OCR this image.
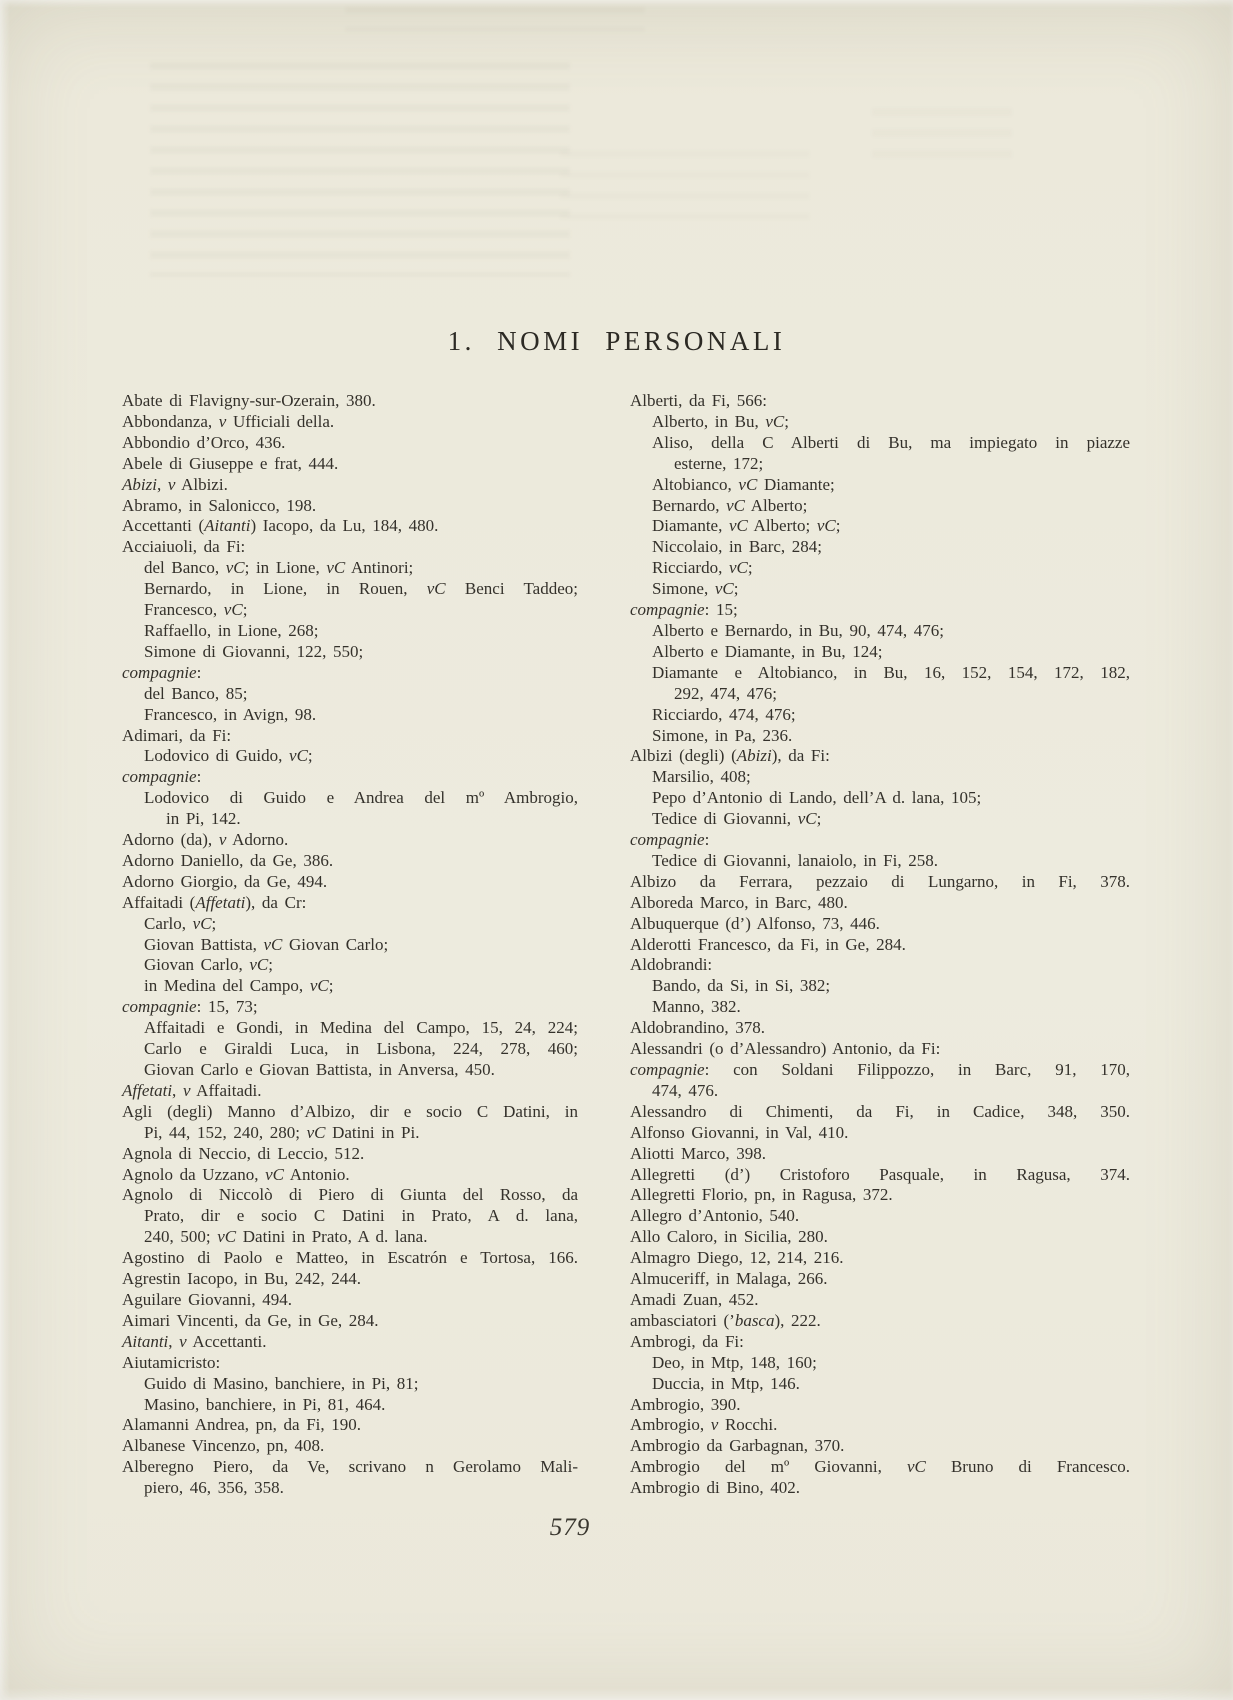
1. NOMI PERSONALI
Abate di Flavigny-sur-Ozerain, 380.
Abbondanza, v Ufficiali della.
Abbondio d’Orco, 436.
Abele di Giuseppe e frat, 444.
Abizi, v Albizi.
Abramo, in Salonicco, 198.
Accettanti (Aitanti) Iacopo, da Lu, 184, 480.
Acciaiuoli, da Fi:
del Banco, vC; in Lione, vC Antinori;
Bernardo, in Lione, in Rouen, vC Benci Taddeo;
Francesco, vC;
Raffaello, in Lione, 268;
Simone di Giovanni, 122, 550;
compagnie:
del Banco, 85;
Francesco, in Avign, 98.
Adimari, da Fi:
Lodovico di Guido, vC;
compagnie:
Lodovico di Guido e Andrea del mº Ambrogio,
in Pi, 142.
Adorno (da), v Adorno.
Adorno Daniello, da Ge, 386.
Adorno Giorgio, da Ge, 494.
Affaitadi (Affetati), da Cr:
Carlo, vC;
Giovan Battista, vC Giovan Carlo;
Giovan Carlo, vC;
in Medina del Campo, vC;
compagnie: 15, 73;
Affaitadi e Gondi, in Medina del Campo, 15, 24, 224;
Carlo e Giraldi Luca, in Lisbona, 224, 278, 460;
Giovan Carlo e Giovan Battista, in Anversa, 450.
Affetati, v Affaitadi.
Agli (degli) Manno d’Albizo, dir e socio C Datini, in
Pi, 44, 152, 240, 280; vC Datini in Pi.
Agnola di Neccio, di Leccio, 512.
Agnolo da Uzzano, vC Antonio.
Agnolo di Niccolò di Piero di Giunta del Rosso, da
Prato, dir e socio C Datini in Prato, A d. lana,
240, 500; vC Datini in Prato, A d. lana.
Agostino di Paolo e Matteo, in Escatrón e Tortosa, 166.
Agrestin Iacopo, in Bu, 242, 244.
Aguilare Giovanni, 494.
Aimari Vincenti, da Ge, in Ge, 284.
Aitanti, v Accettanti.
Aiutamicristo:
Guido di Masino, banchiere, in Pi, 81;
Masino, banchiere, in Pi, 81, 464.
Alamanni Andrea, pn, da Fi, 190.
Albanese Vincenzo, pn, 408.
Alberegno Piero, da Ve, scrivano n Gerolamo Mali-
piero, 46, 356, 358.
Alberti, da Fi, 566:
Alberto, in Bu, vC;
Aliso, della C Alberti di Bu, ma impiegato in piazze
esterne, 172;
Altobianco, vC Diamante;
Bernardo, vC Alberto;
Diamante, vC Alberto; vC;
Niccolaio, in Barc, 284;
Ricciardo, vC;
Simone, vC;
compagnie: 15;
Alberto e Bernardo, in Bu, 90, 474, 476;
Alberto e Diamante, in Bu, 124;
Diamante e Altobianco, in Bu, 16, 152, 154, 172, 182,
292, 474, 476;
Ricciardo, 474, 476;
Simone, in Pa, 236.
Albizi (degli) (Abizi), da Fi:
Marsilio, 408;
Pepo d’Antonio di Lando, dell’A d. lana, 105;
Tedice di Giovanni, vC;
compagnie:
Tedice di Giovanni, lanaiolo, in Fi, 258.
Albizo da Ferrara, pezzaio di Lungarno, in Fi, 378.
Alboreda Marco, in Barc, 480.
Albuquerque (d’) Alfonso, 73, 446.
Alderotti Francesco, da Fi, in Ge, 284.
Aldobrandi:
Bando, da Si, in Si, 382;
Manno, 382.
Aldobrandino, 378.
Alessandri (o d’Alessandro) Antonio, da Fi:
compagnie: con Soldani Filippozzo, in Barc, 91, 170,
474, 476.
Alessandro di Chimenti, da Fi, in Cadice, 348, 350.
Alfonso Giovanni, in Val, 410.
Aliotti Marco, 398.
Allegretti (d’) Cristoforo Pasquale, in Ragusa, 374.
Allegretti Florio, pn, in Ragusa, 372.
Allegro d’Antonio, 540.
Allo Caloro, in Sicilia, 280.
Almagro Diego, 12, 214, 216.
Almuceriff, in Malaga, 266.
Amadi Zuan, 452.
ambasciatori (’basca), 222.
Ambrogi, da Fi:
Deo, in Mtp, 148, 160;
Duccia, in Mtp, 146.
Ambrogio, 390.
Ambrogio, v Rocchi.
Ambrogio da Garbagnan, 370.
Ambrogio del mº Giovanni, vC Bruno di Francesco.
Ambrogio di Bino, 402.
579
